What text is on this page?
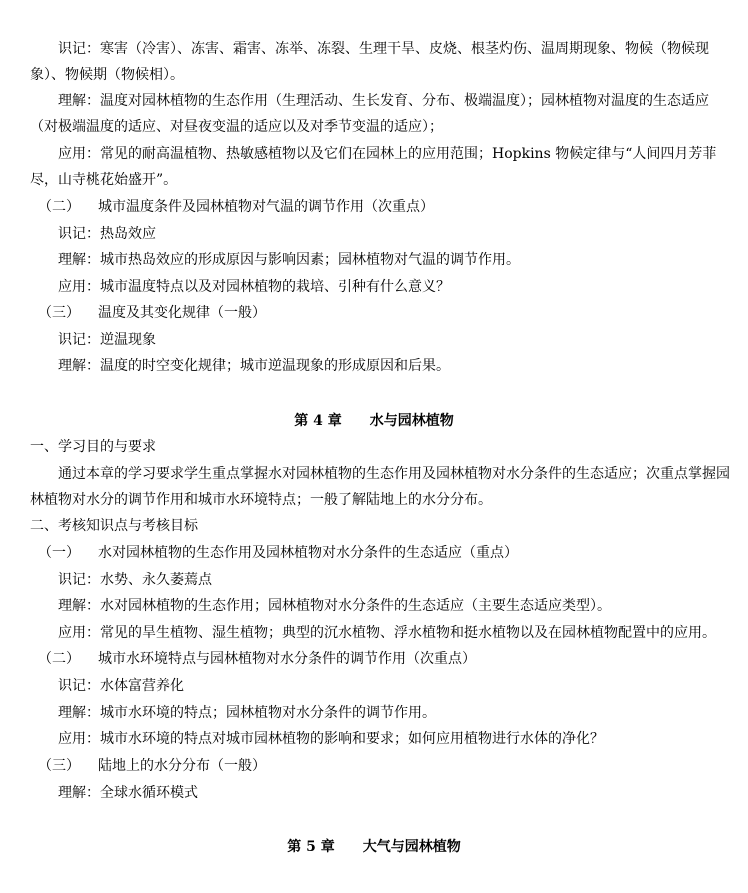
识记：寒害（冷害）、冻害、霜害、冻举、冻裂、生理干旱、皮烧、根茎灼伤、温周期现象、物候（物候现象）、物候期（物候相）。
理解：温度对园林植物的生态作用（生理活动、生长发育、分布、极端温度）；园林植物对温度的生态适应（对极端温度的适应、对昼夜变温的适应以及对季节变温的适应）；
应用：常见的耐高温植物、热敏感植物以及它们在园林上的应用范围；Hopkins 物候定律与“人间四月芳菲尽，山寺桃花始盛开”。
（二） 城市温度条件及园林植物对气温的调节作用（次重点）
识记：热岛效应
理解：城市热岛效应的形成原因与影响因素；园林植物对气温的调节作用。
应用：城市温度特点以及对园林植物的栽培、引种有什么意义？
（三） 温度及其变化规律（一般）
识记：逆温现象
理解：温度的时空变化规律；城市逆温现象的形成原因和后果。
第 4 章 水与园林植物
一、学习目的与要求
通过本章的学习要求学生重点掌握水对园林植物的生态作用及园林植物对水分条件的生态适应；次重点掌握园林植物对水分的调节作用和城市水环境特点；一般了解陆地上的水分分布。
二、考核知识点与考核目标
（一） 水对园林植物的生态作用及园林植物对水分条件的生态适应（重点）
识记：水势、永久萎蔫点
理解：水对园林植物的生态作用；园林植物对水分条件的生态适应（主要生态适应类型）。
应用：常见的旱生植物、湿生植物；典型的沉水植物、浮水植物和挺水植物以及在园林植物配置中的应用。
（二） 城市水环境特点与园林植物对水分条件的调节作用（次重点）
识记：水体富营养化
理解：城市水环境的特点；园林植物对水分条件的调节作用。
应用：城市水环境的特点对城市园林植物的影响和要求；如何应用植物进行水体的净化？
（三） 陆地上的水分分布（一般）
理解：全球水循环模式
第 5 章 大气与园林植物
